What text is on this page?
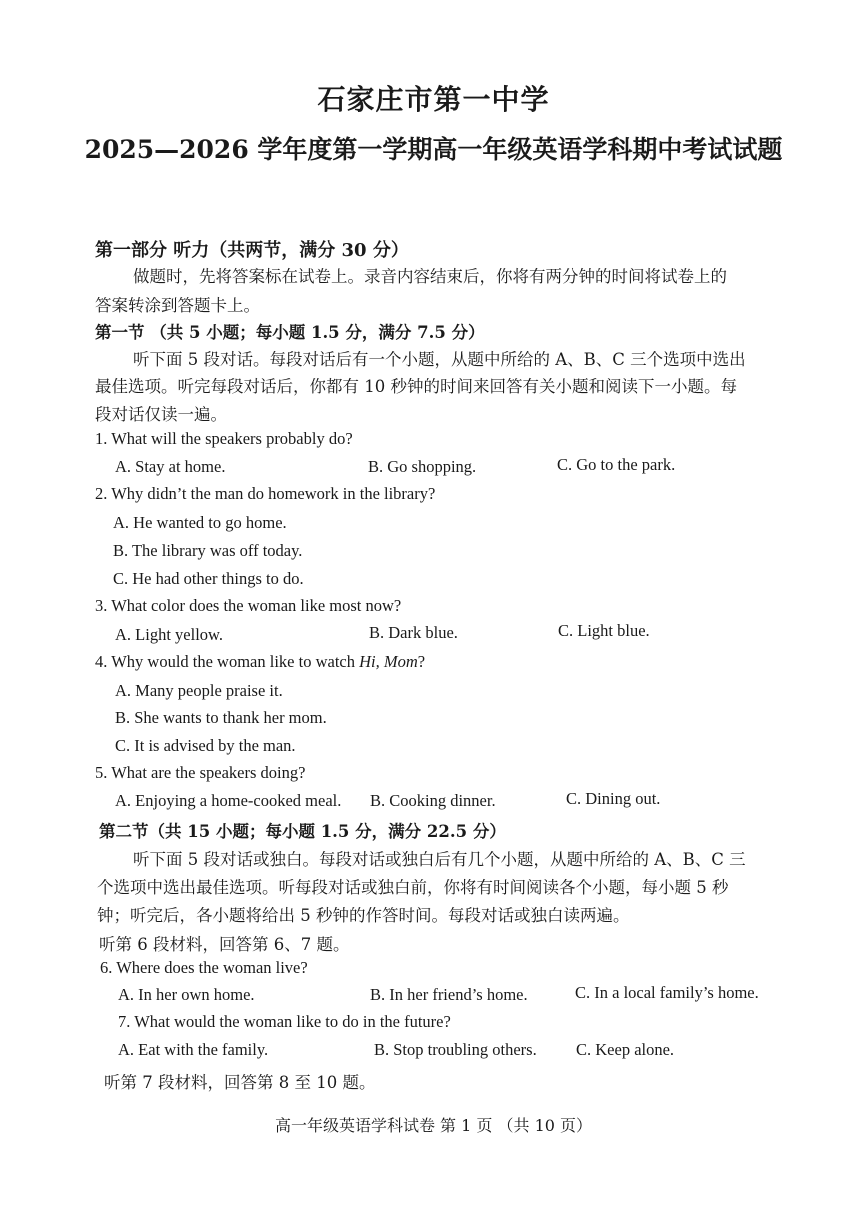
石家庄市第一中学
2025—2026 学年度第一学期高一年级英语学科期中考试试题
第一部分 听力（共两节，满分 30 分）
做题时，先将答案标在试卷上。录音内容结束后，你将有两分钟的时间将试卷上的
答案转涂到答题卡上。
第一节 （共 5 小题；每小题 1.5 分，满分 7.5 分）
听下面 5 段对话。每段对话后有一个小题，从题中所给的 A、B、C 三个选项中选出
最佳选项。听完每段对话后，你都有 10 秒钟的时间来回答有关小题和阅读下一小题。每
段对话仅读一遍。
1. What will the speakers probably do?
A. Stay at home.	B. Go shopping.	C. Go to the park.
2. Why didn’t the man do homework in the library?
A. He wanted to go home.
B. The library was off today.
C. He had other things to do.
3. What color does the woman like most now?
A. Light yellow.	B. Dark blue.	C. Light blue.
4. Why would the woman like to watch Hi, Mom?
A. Many people praise it.
B. She wants to thank her mom.
C. It is advised by the man.
5. What are the speakers doing?
A. Enjoying a home-cooked meal. B. Cooking dinner.	C. Dining out.
第二节（共 15 小题；每小题 1.5 分，满分 22.5 分）
听下面 5 段对话或独白。每段对话或独白后有几个小题，从题中所给的 A、B、C 三
个选项中选出最佳选项。听每段对话或独白前，你将有时间阅读各个小题，每小题 5 秒
钟；听完后，各小题将给出 5 秒钟的作答时间。每段对话或独白读两遍。
听第 6 段材料，回答第 6、7 题。
6. Where does the woman live?
A. In her own home.	B. In her friend’s home.	C. In a local family’s home.
7. What would the woman like to do in the future?
A. Eat with the family.	B. Stop troubling others. C. Keep alone.
听第 7 段材料，回答第 8 至 10 题。
高一年级英语学科试卷 第 1 页 （共 10 页）
